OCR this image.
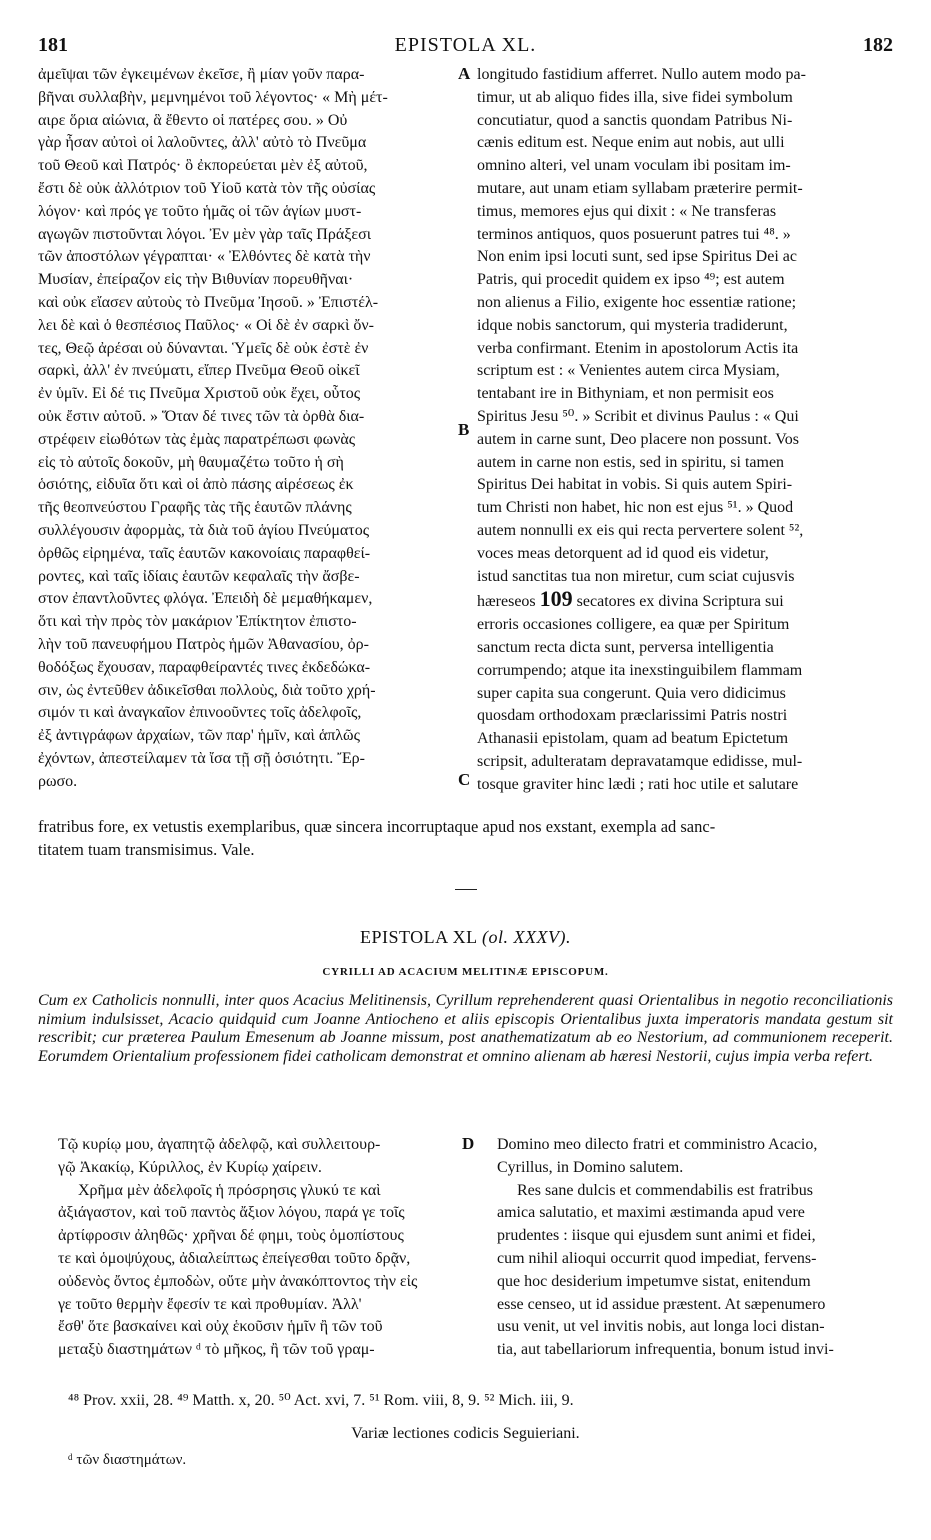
181	EPISTOLA XL.	182
ἀμεῖψαι τῶν ἐγκειμένων ἐκεῖσε, ἢ μίαν γοῦν παρα-
βῆναι συλλαβὴν, μεμνημένοι τοῦ λέγοντος· « Μὴ μέτ-
αιρε ὅρια αἰώνια, ἃ ἔθεντο οἱ πατέρες σου. » Οὐ
γὰρ ἦσαν αὐτοὶ οἱ λαλοῦντες, ἀλλ' αὐτὸ τὸ Πνεῦμα
τοῦ Θεοῦ καὶ Πατρός· ὃ ἐκπορεύεται μὲν ἐξ αὐτοῦ,
ἔστι δὲ οὐκ ἀλλότριον τοῦ Υἱοῦ κατὰ τὸν τῆς οὐσίας
λόγον· καὶ πρός γε τοῦτο ἡμᾶς οἱ τῶν ἁγίων μυστ-
αγωγῶν πιστοῦνται λόγοι. Ἐν μὲν γὰρ ταῖς Πράξεσι
τῶν ἀποστόλων γέγραπται· « Ἐλθόντες δὲ κατὰ τὴν
Μυσίαν, ἐπείραζον εἰς τὴν Βιθυνίαν πορευθῆναι·
καὶ οὐκ εἴασεν αὐτοὺς τὸ Πνεῦμα Ἰησοῦ. » Ἐπιστέλ-
λει δὲ καὶ ὁ θεσπέσιος Παῦλος· « Οἱ δὲ ἐν σαρκὶ ὄν-
τες, Θεῷ ἀρέσαι οὐ δύνανται. Ὑμεῖς δὲ οὐκ ἐστὲ ἐν
σαρκὶ, ἀλλ' ἐν πνεύματι, εἴπερ Πνεῦμα Θεοῦ οἰκεῖ
ἐν ὑμῖν. Εἰ δέ τις Πνεῦμα Χριστοῦ οὐκ ἔχει, οὗτος
οὐκ ἔστιν αὐτοῦ. » Ὅταν δέ τινες τῶν τὰ ὀρθὰ δια-
στρέφειν εἰωθότων τὰς ἐμὰς παρατρέπωσι φωνὰς
εἰς τὸ αὐτοῖς δοκοῦν, μὴ θαυμαζέτω τοῦτο ἡ σὴ
ὁσιότης, εἰδυῖα ὅτι καὶ οἱ ἀπὸ πάσης αἱρέσεως ἐκ
τῆς θεοπνεύστου Γραφῆς τὰς τῆς ἑαυτῶν πλάνης
συλλέγουσιν ἀφορμὰς, τὰ διὰ τοῦ ἁγίου Πνεύματος
ὀρθῶς εἰρημένα, ταῖς ἑαυτῶν κακονοίαις παραφθεί-
ροντες, καὶ ταῖς ἰδίαις ἑαυτῶν κεφαλαῖς τὴν ἄσβε-
στον ἐπαντλοῦντες φλόγα. Ἐπειδὴ δὲ μεμαθήκαμεν,
ὅτι καὶ τὴν πρὸς τὸν μακάριον Ἐπίκτητον ἐπιστο-
λὴν τοῦ πανευφήμου Πατρὸς ἡμῶν Ἀθανασίου, ὀρ-
θοδόξως ἔχουσαν, παραφθείραντές τινες ἐκδεδώκα-
σιν, ὡς ἐντεῦθεν ἀδικεῖσθαι πολλοὺς, διὰ τοῦτο χρή-
σιμόν τι καὶ ἀναγκαῖον ἐπινοοῦντες τοῖς ἀδελφοῖς,
ἐξ ἀντιγράφων ἀρχαίων, τῶν παρ' ἡμῖν, καὶ ἁπλῶς
ἐχόντων, ἀπεστείλαμεν τὰ ἴσα τῇ σῇ ὁσιότητι. Ἔρ-
ρωσο.
longitudo fastidium afferret. Nullo autem modo pa-
timur, ut ab aliquo fides illa, sive fidei symbolum
concutiatur, quod a sanctis quondam Patribus Ni-
cænis editum est. Neque enim aut nobis, aut ulli
omnino alteri, vel unam voculam ibi positam im-
mutare, aut unam etiam syllabam præterire permit-
timus, memores ejus qui dixit : « Ne transferas
terminos antiquos, quos posuerunt patres tui ⁴⁸. »
Non enim ipsi locuti sunt, sed ipse Spiritus Dei ac
Patris, qui procedit quidem ex ipso ⁴⁹; est autem
non alienus a Filio, exigente hoc essentiæ ratione;
idque nobis sanctorum, qui mysteria tradiderunt,
verba confirmant. Etenim in apostolorum Actis ita
scriptum est : « Venientes autem circa Mysiam,
tentabant ire in Bithyniam, et non permisit eos
Spiritus Jesu ⁵⁰. » Scribit et divinus Paulus : « Qui
autem in carne sunt, Deo placere non possunt. Vos
autem in carne non estis, sed in spiritu, si tamen
Spiritus Dei habitat in vobis. Si quis autem Spiri-
tum Christi non habet, hic non est ejus ⁵¹. » Quod
autem nonnulli ex eis qui recta pervertere solent ⁵²,
voces meas detorquent ad id quod eis videtur,
istud sanctitas tua non miretur, cum sciat cujusvis
hæreseos 109 secatores ex divina Scriptura sui
erroris occasiones colligere, ea quæ per Spiritum
sanctum recta dicta sunt, perversa intelligentia
corrumpendo; atque ita inexstinguibilem flammam
super capita sua congerunt. Quia vero didicimus
quosdam orthodoxam præclarissimi Patris nostri
Athanasii epistolam, quam ad beatum Epictetum
scripsit, adulteratam depravatamque edidisse, mul-
tosque graviter hinc lædi ; rati hoc utile et salutare
A
B
C
D
fratribus fore, ex vetustis exemplaribus, quæ sincera incorruptaque apud nos exstant, exempla ad sanc-
titatem tuam transmisimus. Vale.
EPISTOLA XL (ol. XXXV).
CYRILLI AD ACACIUM MELITINÆ EPISCOPUM.
Cum ex Catholicis nonnulli, inter quos Acacius Melitinensis, Cyrillum reprehenderent quasi Orientalibus in negotio reconciliationis nimium indulsisset, Acacio quidquid cum Joanne Antiocheno et aliis episcopis Orientalibus juxta imperatoris mandata gestum sit rescribit; cur præterea Paulum Emesenum ab Joanne missum, post anathematizatum ab eo Nestorium, ad communionem receperit. Eorumdem Orientalium professionem fidei catholicam demonstrat et omnino alienam ab hæresi Nestorii, cujus impia verba refert.
Τῷ κυρίῳ μου, ἀγαπητῷ ἀδελφῷ, καὶ συλλειτουρ-
γῷ Ἀκακίῳ, Κύριλλος, ἐν Κυρίῳ χαίρειν.
Χρῆμα μὲν ἀδελφοῖς ἡ πρόσρησις γλυκύ τε καὶ
ἀξιάγαστον, καὶ τοῦ παντὸς ἄξιον λόγου, παρά γε τοῖς
ἀρτίφροσιν ἀληθῶς· χρῆναι δέ φημι, τοὺς ὁμοπίστους
τε καὶ ὁμοψύχους, ἀδιαλείπτως ἐπείγεσθαι τοῦτο δρᾷν,
οὐδενὸς ὄντος ἐμποδὼν, οὔτε μὴν ἀνακόπτοντος τὴν εἰς
γε τοῦτο θερμὴν ἔφεσίν τε καὶ προθυμίαν. Ἀλλ'
ἔσθ' ὅτε βασκαίνει καὶ οὐχ ἑκοῦσιν ἡμῖν ἢ τῶν τοῦ
μεταξὺ διαστημάτων ᵈ τὸ μῆκος, ἢ τῶν τοῦ γραμ-
Domino meo dilecto fratri et comministro Acacio,
Cyrillus, in Domino salutem.
Res sane dulcis et commendabilis est fratribus
amica salutatio, et maximi æstimanda apud vere
prudentes : iisque qui ejusdem sunt animi et fidei,
cum nihil alioqui occurrit quod impediat, fervens-
que hoc desiderium impetumve sistat, enitendum
esse censeo, ut id assidue præstent. At sæpenumero
usu venit, ut vel invitis nobis, aut longa loci distan-
tia, aut tabellariorum infrequentia, bonum istud invi-
⁴⁸ Prov. xxii, 28. ⁴⁹ Matth. x, 20. ⁵⁰ Act. xvi, 7. ⁵¹ Rom. viii, 8, 9. ⁵² Mich. iii, 9.
Variæ lectiones codicis Seguieriani.
ᵈ τῶν διαστημάτων.
